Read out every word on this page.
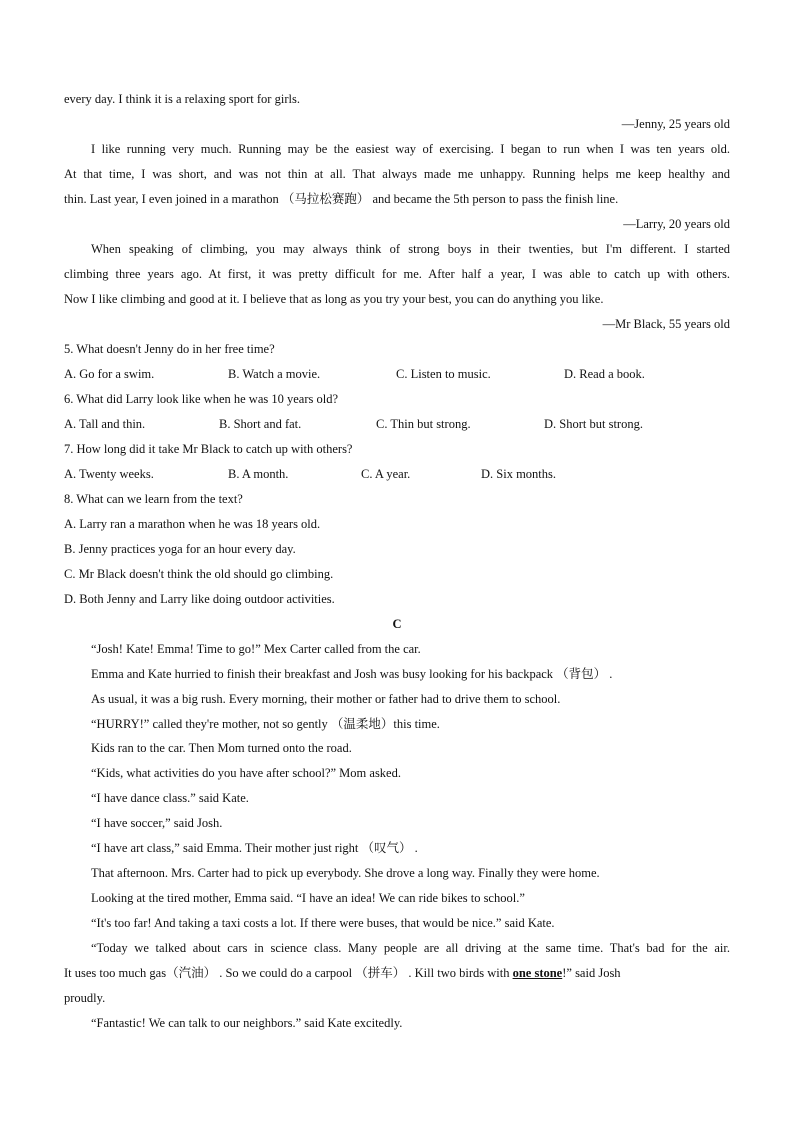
every day. I think it is a relaxing sport for girls.
—Jenny, 25 years old
I like running very much. Running may be the easiest way of exercising. I began to run when I was ten years old.
At that time, I was short, and was not thin at all. That always made me unhappy. Running helps me keep healthy and
thin. Last year, I even joined in a marathon （马拉松赛跑） and became the 5th person to pass the finish line.
—Larry, 20 years old
When speaking of climbing, you may always think of strong boys in their twenties, but I'm different. I started
climbing three years ago. At first, it was pretty difficult for me. After half a year, I was able to catch up with others.
Now I like climbing and good at it. I believe that as long as you try your best, you can do anything you like.
—Mr Black, 55 years old
5. What doesn't Jenny do in her free time?
A. Go for a swim.	B. Watch a movie.	C. Listen to music.	D. Read a book.
6. What did Larry look like when he was 10 years old?
A. Tall and thin.	B. Short and fat.	C. Thin but strong.	D. Short but strong.
7. How long did it take Mr Black to catch up with others?
A. Twenty weeks.	B. A month.	C. A year.	D. Six months.
8. What can we learn from the text?
A. Larry ran a marathon when he was 18 years old.
B. Jenny practices yoga for an hour every day.
C. Mr Black doesn't think the old should go climbing.
D. Both Jenny and Larry like doing outdoor activities.
C
“Josh! Kate! Emma! Time to go!” Mex Carter called from the car.
Emma and Kate hurried to finish their breakfast and Josh was busy looking for his backpack （背包） .
As usual, it was a big rush. Every morning, their mother or father had to drive them to school.
“HURRY!” called they're mother, not so gently （温柔地）this time.
Kids ran to the car. Then Mom turned onto the road.
“Kids, what activities do you have after school?” Mom asked.
“I have dance class.” said Kate.
“I have soccer,” said Josh.
“I have art class,” said Emma. Their mother just right （叹气） .
That afternoon. Mrs. Carter had to pick up everybody. She drove a long way. Finally they were home.
Looking at the tired mother, Emma said. “I have an idea! We can ride bikes to school.”
“It's too far! And taking a taxi costs a lot. If there were buses, that would be nice.” said Kate.
“Today we talked about cars in science class. Many people are all driving at the same time. That's bad for the air.
It uses too much gas（汽油） . So we could do a carpool （拼车） . Kill two birds with one stone!” said Josh
proudly.
“Fantastic! We can talk to our neighbors.” said Kate excitedly.
